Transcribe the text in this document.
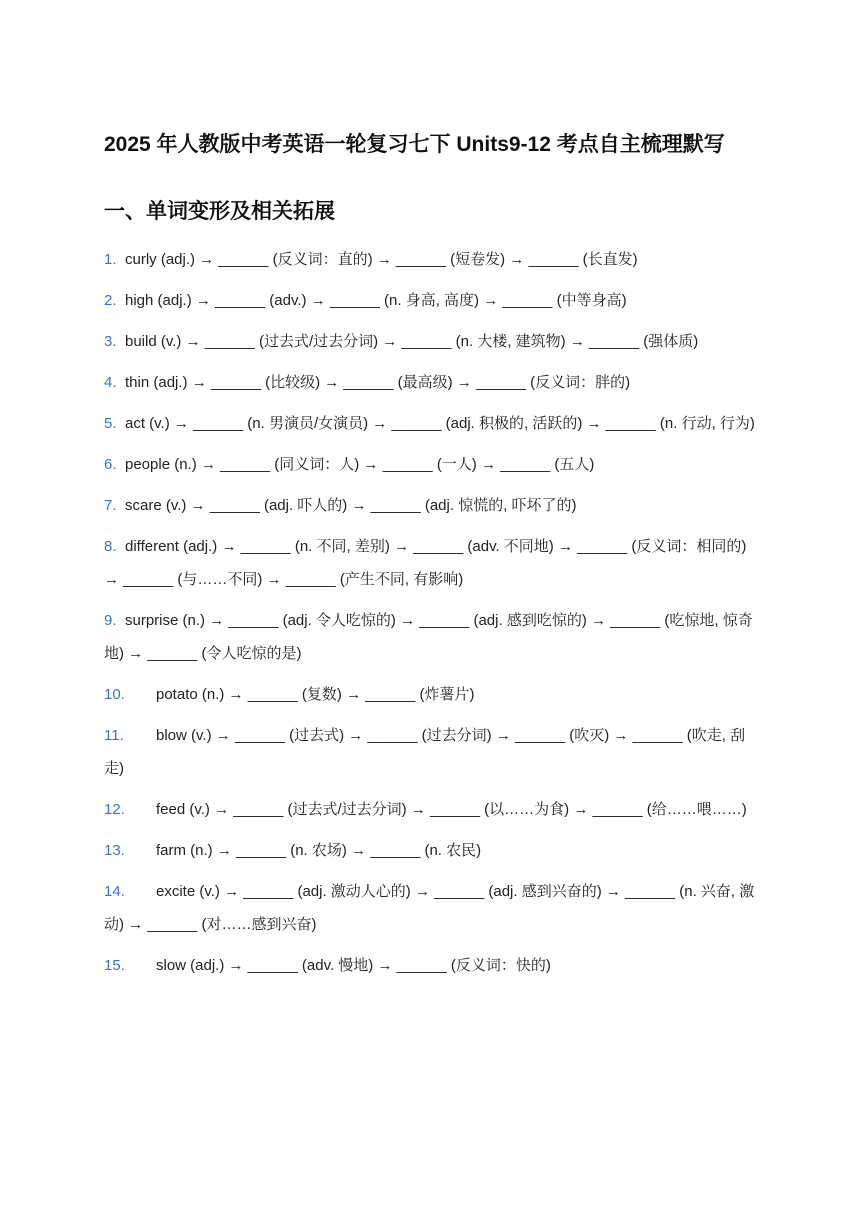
2025 年人教版中考英语一轮复习七下 Units9-12 考点自主梳理默写
一、单词变形及相关拓展
1. curly (adj.) → ______ (反义词：直的) → ______ (短卷发) → ______ (长直发)
2. high (adj.) → ______ (adv.) → ______ (n. 身高, 高度) → ______ (中等身高)
3. build (v.) → ______ (过去式/过去分词) → ______ (n. 大楼, 建筑物) → ______ (强体质)
4. thin (adj.) → ______ (比较级) → ______ (最高级) → ______ (反义词：胖的)
5. act (v.) → ______ (n. 男演员/女演员) → ______ (adj. 积极的, 活跃的) → ______ (n. 行动, 行为)
6. people (n.) → ______ (同义词：人) → ______ (一人) → ______ (五人)
7. scare (v.) → ______ (adj. 吓人的) → ______ (adj. 惊慌的, 吓坏了的)
8. different (adj.) → ______ (n. 不同, 差别) → ______ (adv. 不同地) → ______ (反义词：相同的) → ______ (与……不同) → ______ (产生不同, 有影响)
9. surprise (n.) → ______ (adj. 令人吃惊的) → ______ (adj. 感到吃惊的) → ______ (吃惊地, 惊奇地) → ______ (令人吃惊的是)
10. potato (n.) → ______ (复数) → ______ (炸薯片)
11. blow (v.) → ______ (过去式) → ______ (过去分词) → ______ (吹灭) → ______ (吹走, 刮走)
12. feed (v.) → ______ (过去式/过去分词) → ______ (以……为食) → ______ (给……喂……)
13. farm (n.) → ______ (n. 农场) → ______ (n. 农民)
14. excite (v.) → ______ (adj. 激动人心的) → ______ (adj. 感到兴奋的) → ______ (n. 兴奋, 激动) → ______ (对……感到兴奋)
15. slow (adj.) → ______ (adv. 慢地) → ______ (反义词：快的)
